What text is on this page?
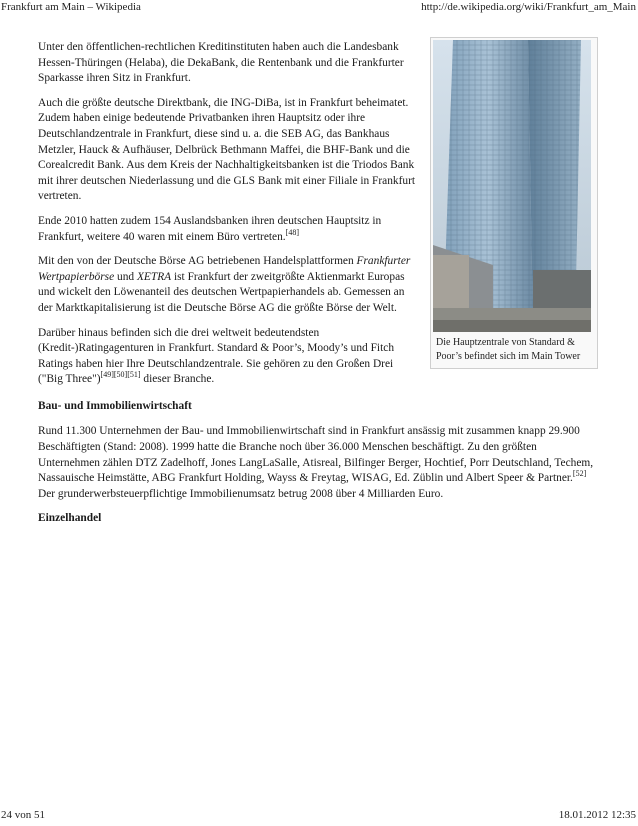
Frankfurt am Main – Wikipedia	http://de.wikipedia.org/wiki/Frankfurt_am_Main
Die Hauptzentrale von Standard & Poor’s befindet sich im Main Tower

Unter den öffentlichen-rechtlichen Kreditinstituten haben auch die Landesbank Hessen-Thüringen (Helaba), die DekaBank, die Rentenbank und die Frankfurter Sparkasse ihren Sitz in Frankfurt.

Auch die größte deutsche Direktbank, die ING-DiBa, ist in Frankfurt beheimatet. Zudem haben einige bedeutende Privatbanken ihren Hauptsitz oder ihre Deutschlandzentrale in Frankfurt, diese sind u. a. die SEB AG, das Bankhaus Metzler, Hauck & Aufhäuser, Delbrück Bethmann Maffei, die BHF-Bank und die Corealcredit Bank. Aus dem Kreis der Nachhaltigkeitsbanken ist die Triodos Bank mit ihrer deutschen Niederlassung und die GLS Bank mit einer Filiale in Frankfurt vertreten.

Ende 2010 hatten zudem 154 Auslandsbanken ihren deutschen Hauptsitz in Frankfurt, weitere 40 waren mit einem Büro vertreten.[48]

Mit den von der Deutsche Börse AG betriebenen Handelsplattformen Frankfurter Wertpapierbörse und XETRA ist Frankfurt der zweitgrößte Aktienmarkt Europas und wickelt den Löwenanteil des deutschen Wertpapierhandels ab. Gemessen an der Marktkapitalisierung ist die Deutsche Börse AG die größte Börse der Welt.

Darüber hinaus befinden sich die drei weltweit bedeutendsten (Kredit-)Ratingagenturen in Frankfurt. Standard & Poor’s, Moody’s und Fitch Ratings haben hier Ihre Deutschlandzentrale. Sie gehören zu den Großen Drei ("Big Three")[49][50][51] dieser Branche.

Bau- und Immobilienwirtschaft

Rund 11.300 Unternehmen der Bau- und Immobilienwirtschaft sind in Frankfurt ansässig mit zusammen knapp 29.900 Beschäftigten (Stand: 2008). 1999 hatte die Branche noch über 36.000 Menschen beschäftigt. Zu den größten Unternehmen zählen DTZ Zadelhoff, Jones LangLaSalle, Atisreal, Bilfinger Berger, Hochtief, Porr Deutschland, Techem, Nassauische Heimstätte, ABG Frankfurt Holding, Wayss & Freytag, WISAG, Ed. Züblin und Albert Speer & Partner.[52] Der grunderwerbsteuerpflichtige Immobilienumsatz betrug 2008 über 4 Milliarden Euro.

Einzelhandel
24 von 51	18.01.2012 12:35
